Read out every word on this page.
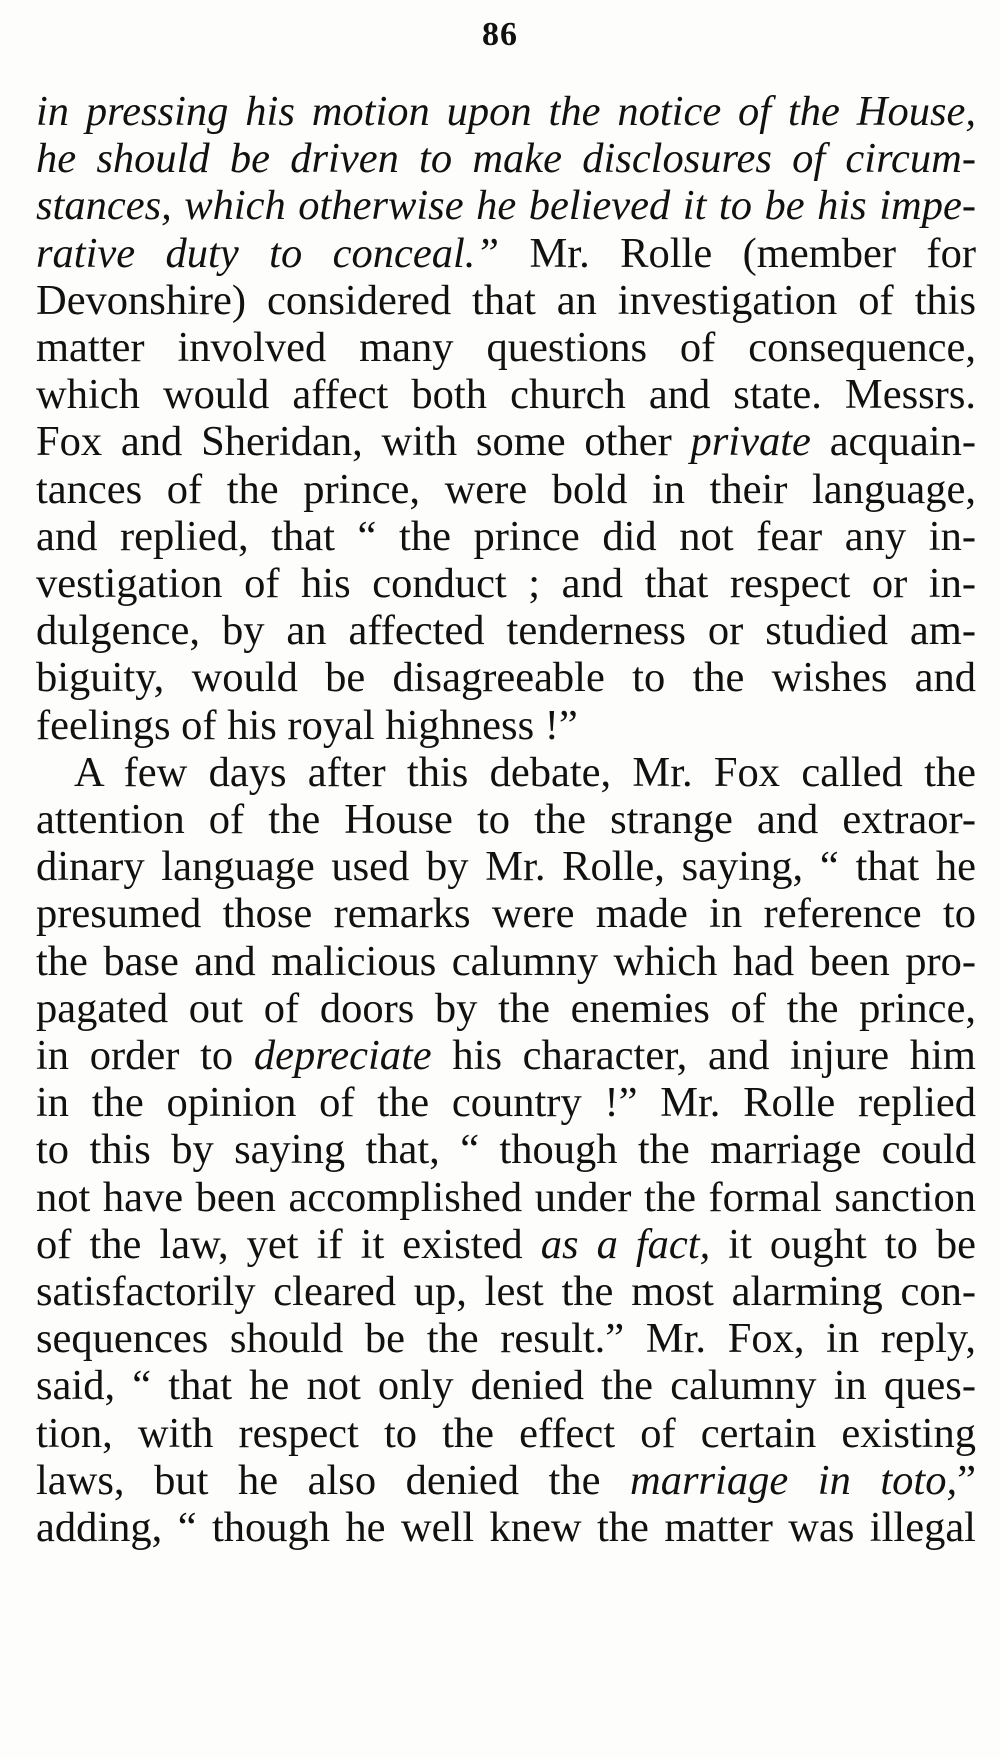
86
in pressing his motion upon the notice of the House,
he should be driven to make disclosures of circum-
stances, which otherwise he believed it to be his impe-
rative duty to conceal.” Mr. Rolle (member for
Devonshire) considered that an investigation of this
matter involved many questions of consequence,
which would affect both church and state. Messrs.
Fox and Sheridan, with some other private acquain-
tances of the prince, were bold in their language,
and replied, that “ the prince did not fear any in-
vestigation of his conduct ; and that respect or in-
dulgence, by an affected tenderness or studied am-
biguity, would be disagreeable to the wishes and
feelings of his royal highness !”
A few days after this debate, Mr. Fox called the
attention of the House to the strange and extraor-
dinary language used by Mr. Rolle, saying, “ that he
presumed those remarks were made in reference to
the base and malicious calumny which had been pro-
pagated out of doors by the enemies of the prince,
in order to depreciate his character, and injure him
in the opinion of the country !” Mr. Rolle replied
to this by saying that, “ though the marriage could
not have been accomplished under the formal sanction
of the law, yet if it existed as a fact, it ought to be
satisfactorily cleared up, lest the most alarming con-
sequences should be the result.” Mr. Fox, in reply,
said, “ that he not only denied the calumny in ques-
tion, with respect to the effect of certain existing
laws, but he also denied the marriage in toto,”
adding, “ though he well knew the matter was illegal
